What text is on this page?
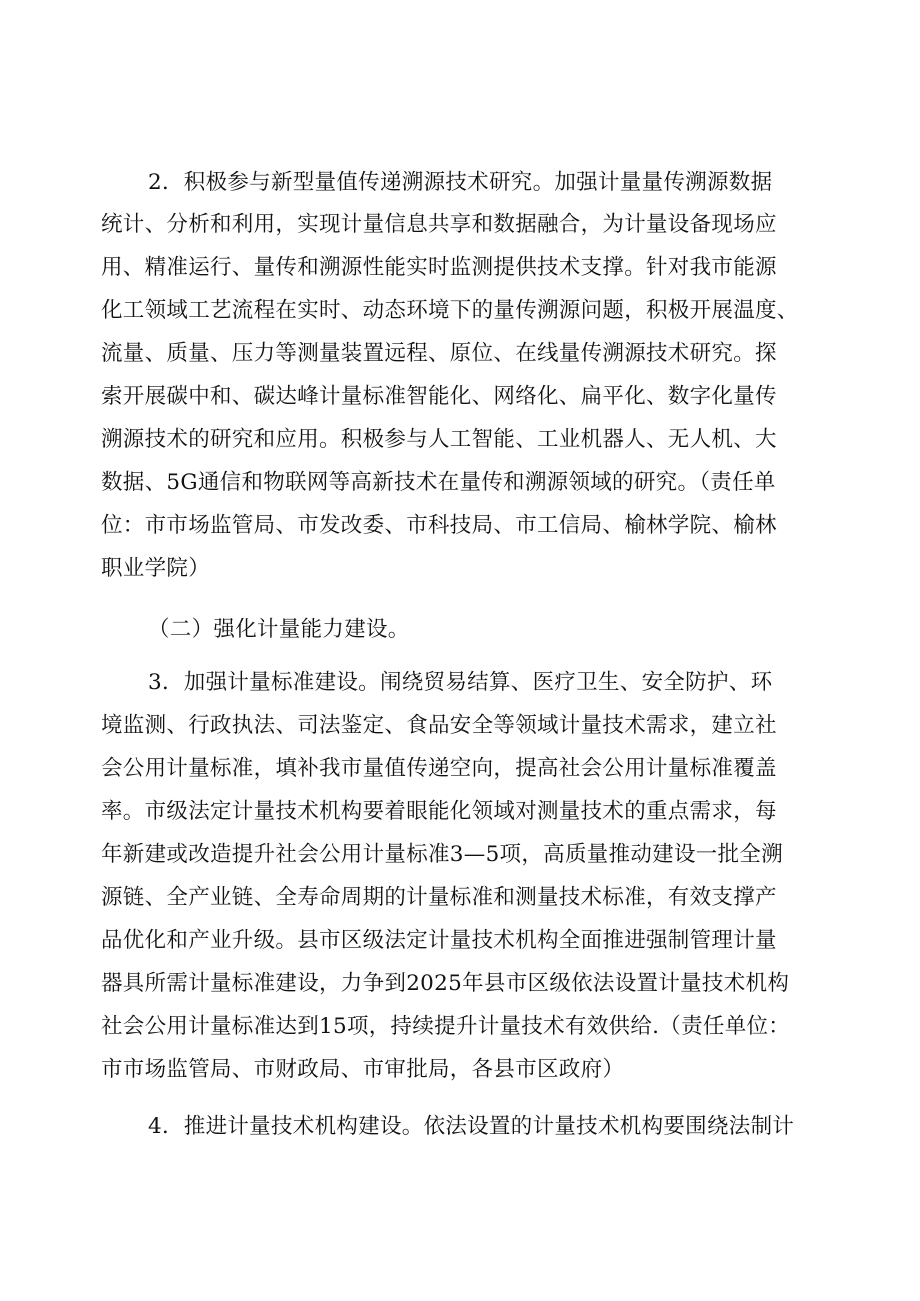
2．积极参与新型量值传递溯源技术研究。加强计量量传溯源数据
统计、分析和利用，实现计量信息共享和数据融合，为计量设备现场应
用、精准运行、量传和溯源性能实时监测提供技术支撑。针对我市能源
化工领域工艺流程在实时、动态环境下的量传溯源问题，积极开展温度、
流量、质量、压力等测量装置远程、原位、在线量传溯源技术研究。探
索开展碳中和、碳达峰计量标准智能化、网络化、扁平化、数字化量传
溯源技术的研究和应用。积极参与人工智能、工业机器人、无人机、大
数据、5G通信和物联网等高新技术在量传和溯源领域的研究。（责任单
位：市市场监管局、市发改委、市科技局、市工信局、榆林学院、榆林
职业学院）
（二）强化计量能力建设。
3．加强计量标准建设。闱绕贸易结算、医疗卫生、安全防护、环
境监测、行政执法、司法鉴定、食品安全等领域计量技术需求，建立社
会公用计量标准，填补我市量值传递空向，提高社会公用计量标准覆盖
率。市级法定计量技术机构要着眼能化领域对测量技术的重点需求，每
年新建或改造提升社会公用计量标准3—5项，高质量推动建设一批全溯
源链、全产业链、全寿命周期的计量标准和测量技术标准，有效支撑产
品优化和产业升级。县市区级法定计量技术机构全面推进强制管理计量
器具所需计量标准建设，力争到2025年县市区级依法设置计量技术机构
社会公用计量标准达到15项，持续提升计量技术有效供给.（责任单位：
市市场监管局、市财政局、市审批局，各县市区政府）
4．推进计量技术机构建设。依法设置的计量技术机构要围绕法制计
